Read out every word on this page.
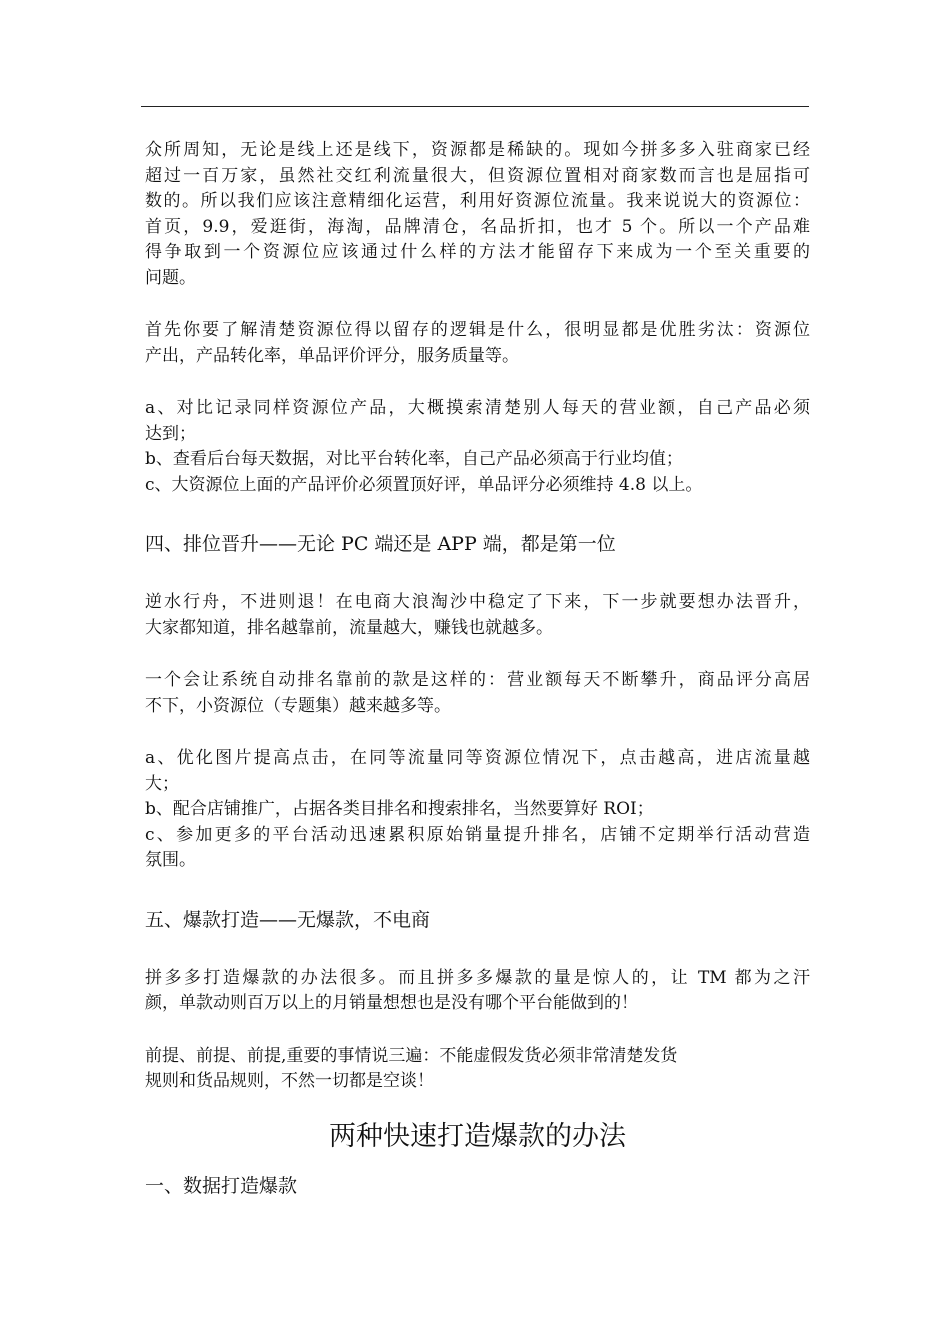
众所周知，无论是线上还是线下，资源都是稀缺的。现如今拼多多入驻商家已经
超过一百万家，虽然社交红利流量很大，但资源位置相对商家数而言也是屈指可
数的。所以我们应该注意精细化运营，利用好资源位流量。我来说说大的资源位：
首页，9.9，爱逛街，海淘，品牌清仓，名品折扣，也才 5 个。所以一个产品难
得争取到一个资源位应该通过什么样的方法才能留存下来成为一个至关重要的
问题。
首先你要了解清楚资源位得以留存的逻辑是什么，很明显都是优胜劣汰：资源位
产出，产品转化率，单品评价评分，服务质量等。
a、对比记录同样资源位产品，大概摸索清楚别人每天的营业额，自己产品必须
达到；
b、查看后台每天数据，对比平台转化率，自己产品必须高于行业均值；
c、大资源位上面的产品评价必须置顶好评，单品评分必须维持 4.8 以上。
四、排位晋升——无论 PC 端还是 APP 端，都是第一位
逆水行舟，不进则退！在电商大浪淘沙中稳定了下来，下一步就要想办法晋升，
大家都知道，排名越靠前，流量越大，赚钱也就越多。
一个会让系统自动排名靠前的款是这样的：营业额每天不断攀升，商品评分高居
不下，小资源位（专题集）越来越多等。
a、优化图片提高点击，在同等流量同等资源位情况下，点击越高，进店流量越
大；
b、配合店铺推广，占据各类目排名和搜索排名，当然要算好 ROI；
c、参加更多的平台活动迅速累积原始销量提升排名，店铺不定期举行活动营造
氛围。
五、爆款打造——无爆款，不电商
拼多多打造爆款的办法很多。而且拼多多爆款的量是惊人的，让 TM 都为之汗
颜，单款动则百万以上的月销量想想也是没有哪个平台能做到的！
前提、前提、前提,重要的事情说三遍：不能虚假发货必须非常清楚发货
规则和货品规则，不然一切都是空谈！
两种快速打造爆款的办法
一、数据打造爆款
